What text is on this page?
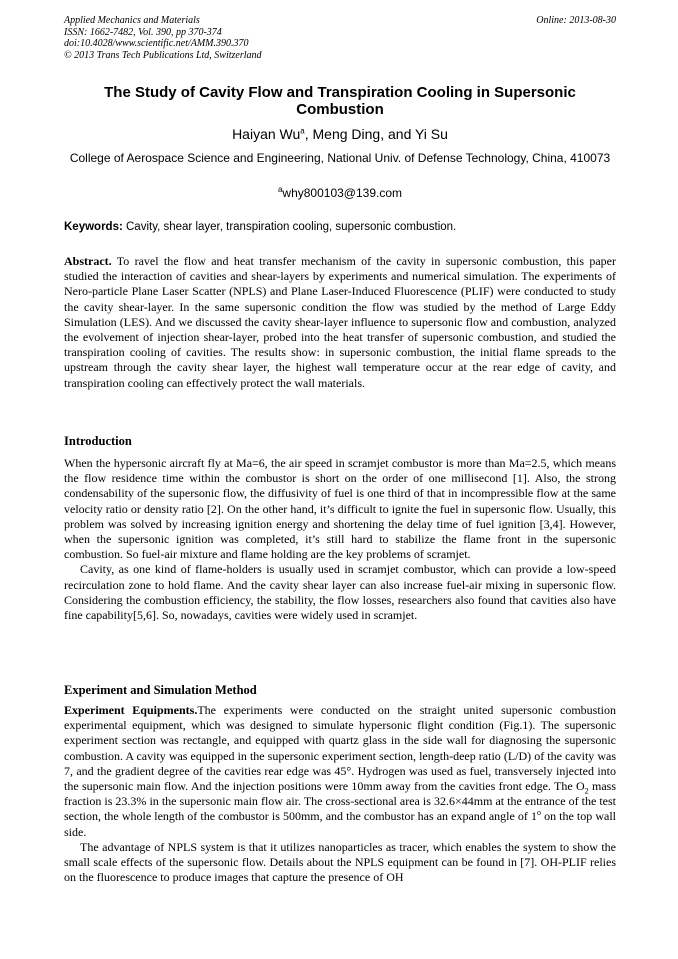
Applied Mechanics and Materials
ISSN: 1662-7482, Vol. 390, pp 370-374
doi:10.4028/www.scientific.net/AMM.390.370
© 2013 Trans Tech Publications Ltd, Switzerland
Online: 2013-08-30
The Study of Cavity Flow and Transpiration Cooling in Supersonic Combustion
Haiyan Wu$^a$, Meng Ding, and Yi Su
College of Aerospace Science and Engineering, National Univ. of Defense Technology, China, 410073
$^a$why800103@139.com
Keywords: Cavity, shear layer, transpiration cooling, supersonic combustion.

Abstract. To ravel the flow and heat transfer mechanism of the cavity in supersonic combustion, this paper studied the interaction of cavities and shear-layers by experiments and numerical simulation. The experiments of Nero-particle Plane Laser Scatter (NPLS) and Plane Laser-Induced Fluorescence (PLIF) were conducted to study the cavity shear-layer. In the same supersonic condition the flow was studied by the method of Large Eddy Simulation (LES). And we discussed the cavity shear-layer influence to supersonic flow and combustion, analyzed the evolvement of injection shear-layer, probed into the heat transfer of supersonic combustion, and studied the transpiration cooling of cavities. The results show: in supersonic combustion, the initial flame spreads to the upstream through the cavity shear layer, the highest wall temperature occur at the rear edge of cavity, and transpiration cooling can effectively protect the wall materials.

Introduction

When the hypersonic aircraft fly at Ma=6, the air speed in scramjet combustor is more than Ma=2.5, which means the flow residence time within the combustor is short on the order of one millisecond [1]. Also, the strong condensability of the supersonic flow, the diffusivity of fuel is one third of that in incompressible flow at the same velocity ratio or density ratio [2]. On the other hand, it’s difficult to ignite the fuel in supersonic flow. Usually, this problem was solved by increasing ignition energy and shortening the delay time of fuel ignition [3,4]. However, when the supersonic ignition was completed, it’s still hard to stabilize the flame front in the supersonic combustion. So fuel-air mixture and flame holding are the key problems of scramjet.

Cavity, as one kind of flame-holders is usually used in scramjet combustor, which can provide a low-speed recirculation zone to hold flame. And the cavity shear layer can also increase fuel-air mixing in supersonic flow. Considering the combustion efficiency, the stability, the flow losses, researchers also found that cavities also have fine capability[5,6]. So, nowadays, cavities were widely used in scramjet.

Experiment and Simulation Method

Experiment Equipments.The experiments were conducted on the straight united supersonic combustion experimental equipment, which was designed to simulate hypersonic flight condition (Fig.1). The supersonic experiment section was rectangle, and equipped with quartz glass in the side wall for diagnosing the supersonic combustion. A cavity was equipped in the supersonic experiment section, length-deep ratio (L/D) of the cavity was 7, and the gradient degree of the cavities rear edge was 45°. Hydrogen was used as fuel, transversely injected into the supersonic main flow. And the injection positions were 10mm away from the cavities front edge. The $O_2$ mass fraction is 23.3% in the supersonic main flow air. The cross-sectional area is 32.6×44mm at the entrance of the test section, the whole length of the combustor is 500mm, and the combustor has an expand angle of 1$^o$ on the top wall side.

The advantage of NPLS system is that it utilizes nanoparticles as tracer, which enables the system to show the small scale effects of the supersonic flow. Details about the NPLS equipment can be found in [7]. OH-PLIF relies on the fluorescence to produce images that capture the presence of OH
